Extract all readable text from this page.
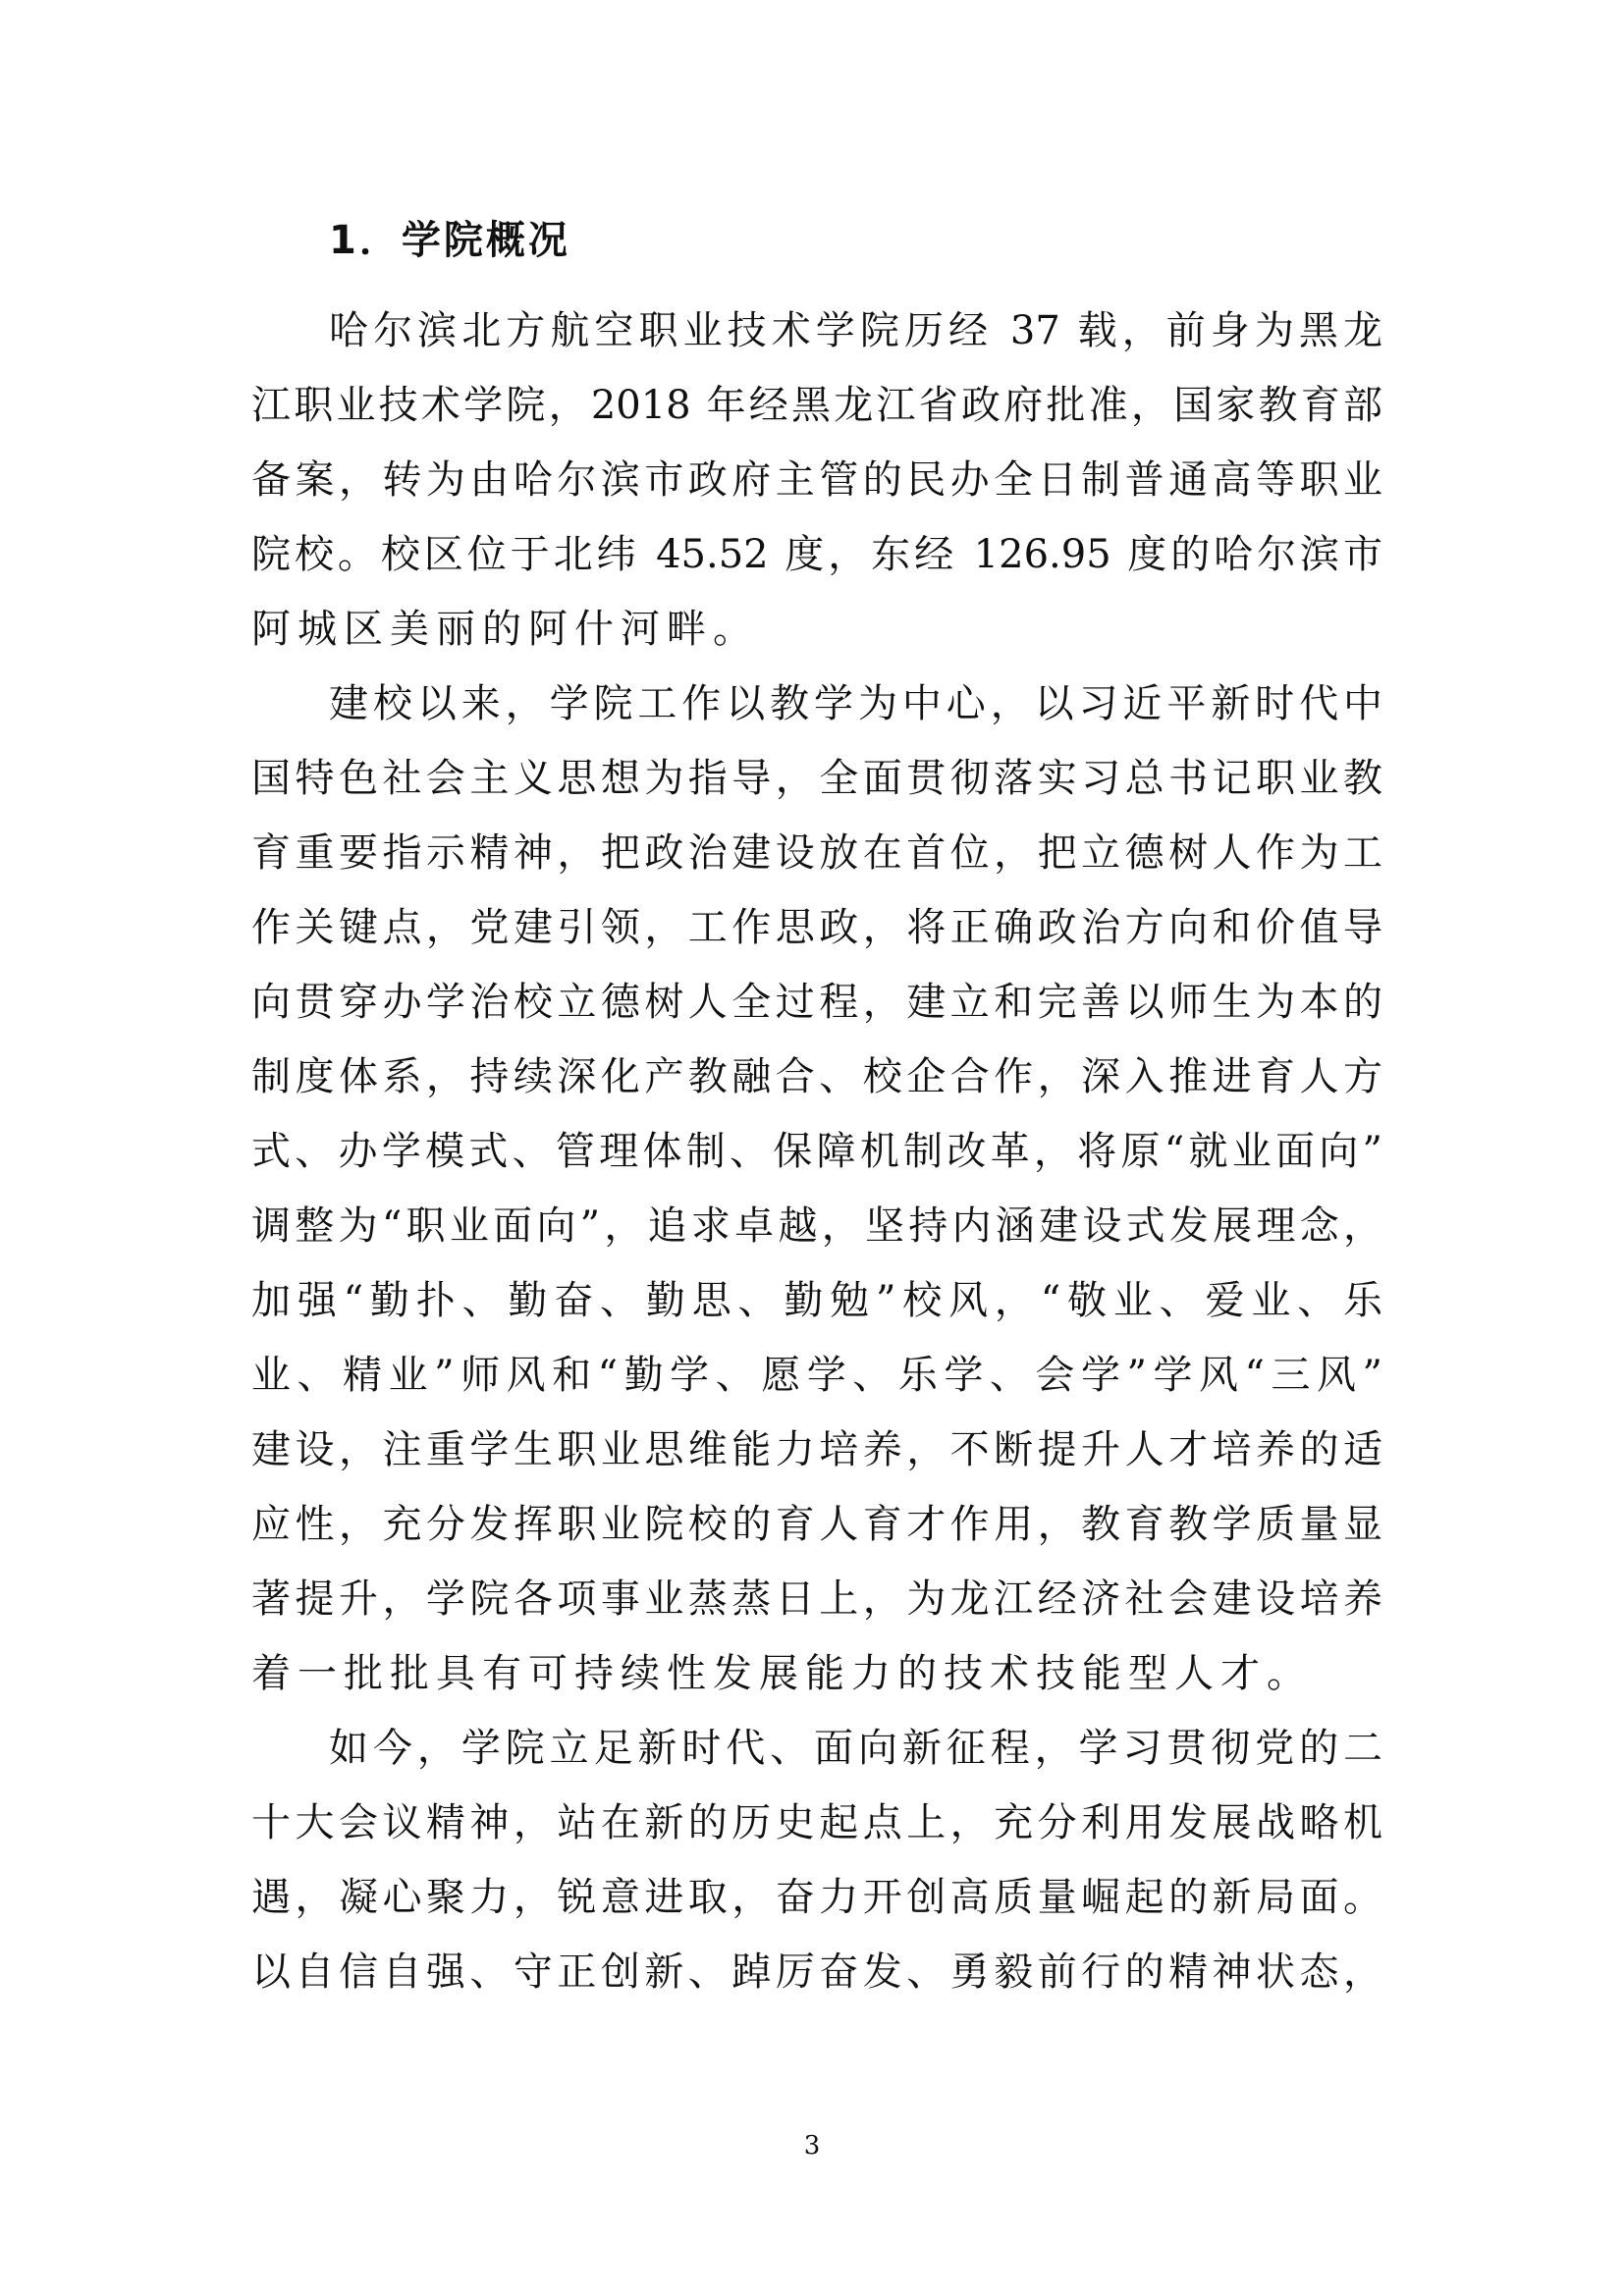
1．学院概况
哈尔滨北方航空职业技术学院历经 37 载，前身为黑龙
江职业技术学院，2018 年经黑龙江省政府批准，国家教育部
备案，转为由哈尔滨市政府主管的民办全日制普通高等职业
院校。校区位于北纬 45.52 度，东经 126.95 度的哈尔滨市
阿城区美丽的阿什河畔。
建校以来，学院工作以教学为中心，以习近平新时代中
国特色社会主义思想为指导，全面贯彻落实习总书记职业教
育重要指示精神，把政治建设放在首位，把立德树人作为工
作关键点，党建引领，工作思政，将正确政治方向和价值导
向贯穿办学治校立德树人全过程，建立和完善以师生为本的
制度体系，持续深化产教融合、校企合作，深入推进育人方
式、办学模式、管理体制、保障机制改革，将原“就业面向”
调整为“职业面向”，追求卓越，坚持内涵建设式发展理念，
加强“勤扑、勤奋、勤思、勤勉”校风，“敬业、爱业、乐
业、精业”师风和“勤学、愿学、乐学、会学”学风“三风”
建设，注重学生职业思维能力培养，不断提升人才培养的适
应性，充分发挥职业院校的育人育才作用，教育教学质量显
著提升，学院各项事业蒸蒸日上，为龙江经济社会建设培养
着一批批具有可持续性发展能力的技术技能型人才。
如今，学院立足新时代、面向新征程，学习贯彻党的二
十大会议精神，站在新的历史起点上，充分利用发展战略机
遇，凝心聚力，锐意进取，奋力开创高质量崛起的新局面。
以自信自强、守正创新、踔厉奋发、勇毅前行的精神状态，
3
